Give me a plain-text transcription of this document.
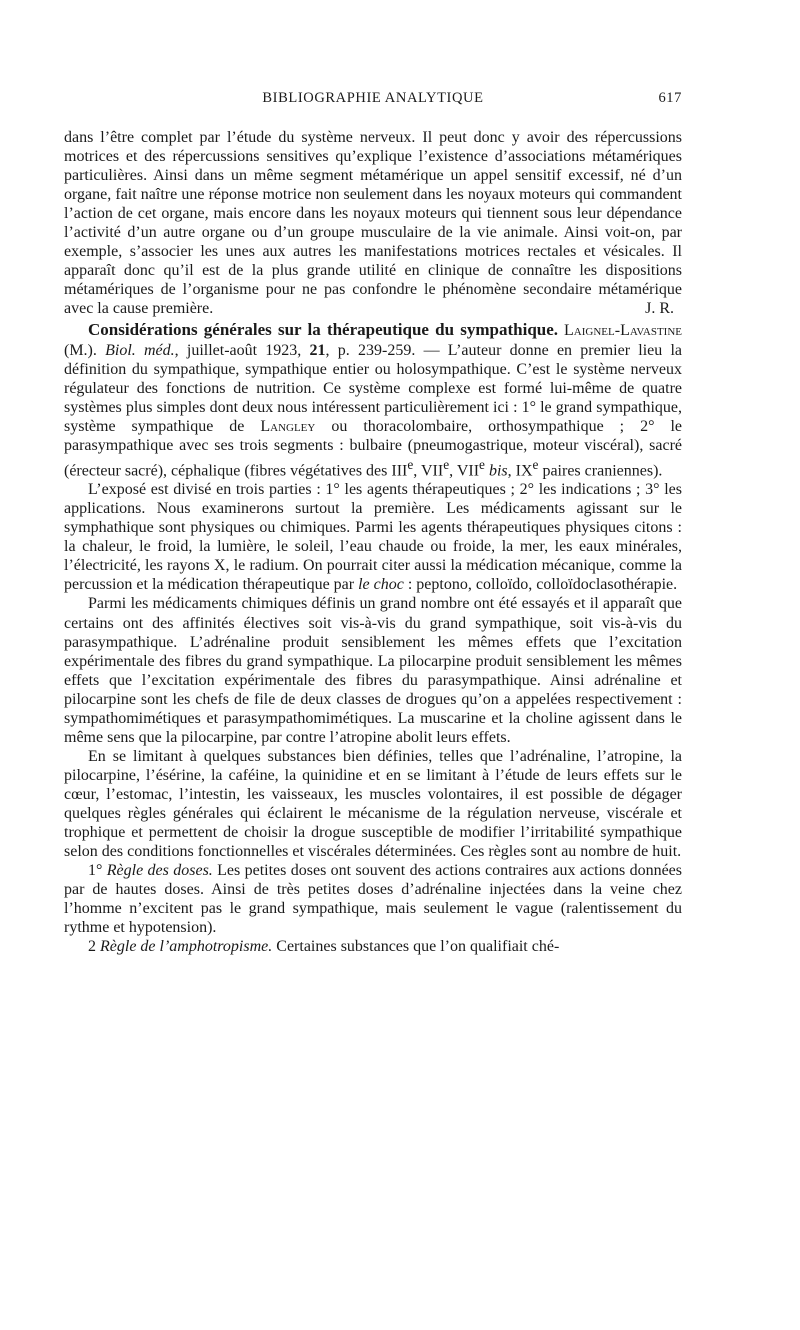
BIBLIOGRAPHIE ANALYTIQUE	617

dans l’être complet par l’étude du système nerveux. Il peut donc y avoir des répercussions motrices et des répercussions sensitives qu’explique l’existence d’associations métamériques particulières. Ainsi dans un même segment métamérique un appel sensitif excessif, né d’un organe, fait naître une réponse motrice non seulement dans les noyaux moteurs qui commandent l’action de cet organe, mais encore dans les noyaux moteurs qui tiennent sous leur dépendance l’activité d’un autre organe ou d’un groupe musculaire de la vie animale. Ainsi voit-on, par exemple, s’associer les unes aux autres les manifestations motrices rectales et vésicales. Il apparaît donc qu’il est de la plus grande utilité en clinique de connaître les dispositions métamériques de l’organisme pour ne pas confondre le phénomène secondaire métamérique avec la cause première.	J. R.

Considérations générales sur la thérapeutique du sympathique. Laignel-Lavastine (M.). Biol. méd., juillet-août 1923, 21, p. 239-259. — L’auteur donne en premier lieu la définition du sympathique, sympathique entier ou holosympathique. C’est le système nerveux régulateur des fonctions de nutrition. Ce système complexe est formé lui-même de quatre systèmes plus simples dont deux nous intéressent particulièrement ici : 1° le grand sympathique, système sympathique de Langley ou thoracolombaire, orthosympathique ; 2° le parasympathique avec ses trois segments : bulbaire (pneumogastrique, moteur viscéral), sacré (érecteur sacré), céphalique (fibres végétatives des IIIe, VIIe, VIIe bis, IXe paires craniennes).

L’exposé est divisé en trois parties : 1° les agents thérapeutiques ; 2° les indications ; 3° les applications. Nous examinerons surtout la première. Les médicaments agissant sur le symphathique sont physiques ou chimiques. Parmi les agents thérapeutiques physiques citons : la chaleur, le froid, la lumière, le soleil, l’eau chaude ou froide, la mer, les eaux minérales, l’électricité, les rayons X, le radium. On pourrait citer aussi la médication mécanique, comme la percussion et la médication thérapeutique par le choc : peptono, colloïdo, colloïdoclasothérapie.

Parmi les médicaments chimiques définis un grand nombre ont été essayés et il apparaît que certains ont des affinités électives soit vis-à-vis du grand sympathique, soit vis-à-vis du parasympathique. L’adrénaline produit sensiblement les mêmes effets que l’excitation expérimentale des fibres du grand sympathique. La pilocarpine produit sensiblement les mêmes effets que l’excitation expérimentale des fibres du parasympathique. Ainsi adrénaline et pilocarpine sont les chefs de file de deux classes de drogues qu’on a appelées respectivement : sympathomimétiques et parasympathomimétiques. La muscarine et la choline agissent dans le même sens que la pilocarpine, par contre l’atropine abolit leurs effets.

En se limitant à quelques substances bien définies, telles que l’adrénaline, l’atropine, la pilocarpine, l’ésérine, la caféine, la quinidine et en se limitant à l’étude de leurs effets sur le cœur, l’estomac, l’intestin, les vaisseaux, les muscles volontaires, il est possible de dégager quelques règles générales qui éclairent le mécanisme de la régulation nerveuse, viscérale et trophique et permettent de choisir la drogue susceptible de modifier l’irritabilité sympathique selon des conditions fonctionnelles et viscérales déterminées. Ces règles sont au nombre de huit.

1° Règle des doses. Les petites doses ont souvent des actions contraires aux actions données par de hautes doses. Ainsi de très petites doses d’adrénaline injectées dans la veine chez l’homme n’excitent pas le grand sympathique, mais seulement le vague (ralentissement du rythme et hypotension).

2 Règle de l’amphotropisme. Certaines substances que l’on qualifiait ché-
